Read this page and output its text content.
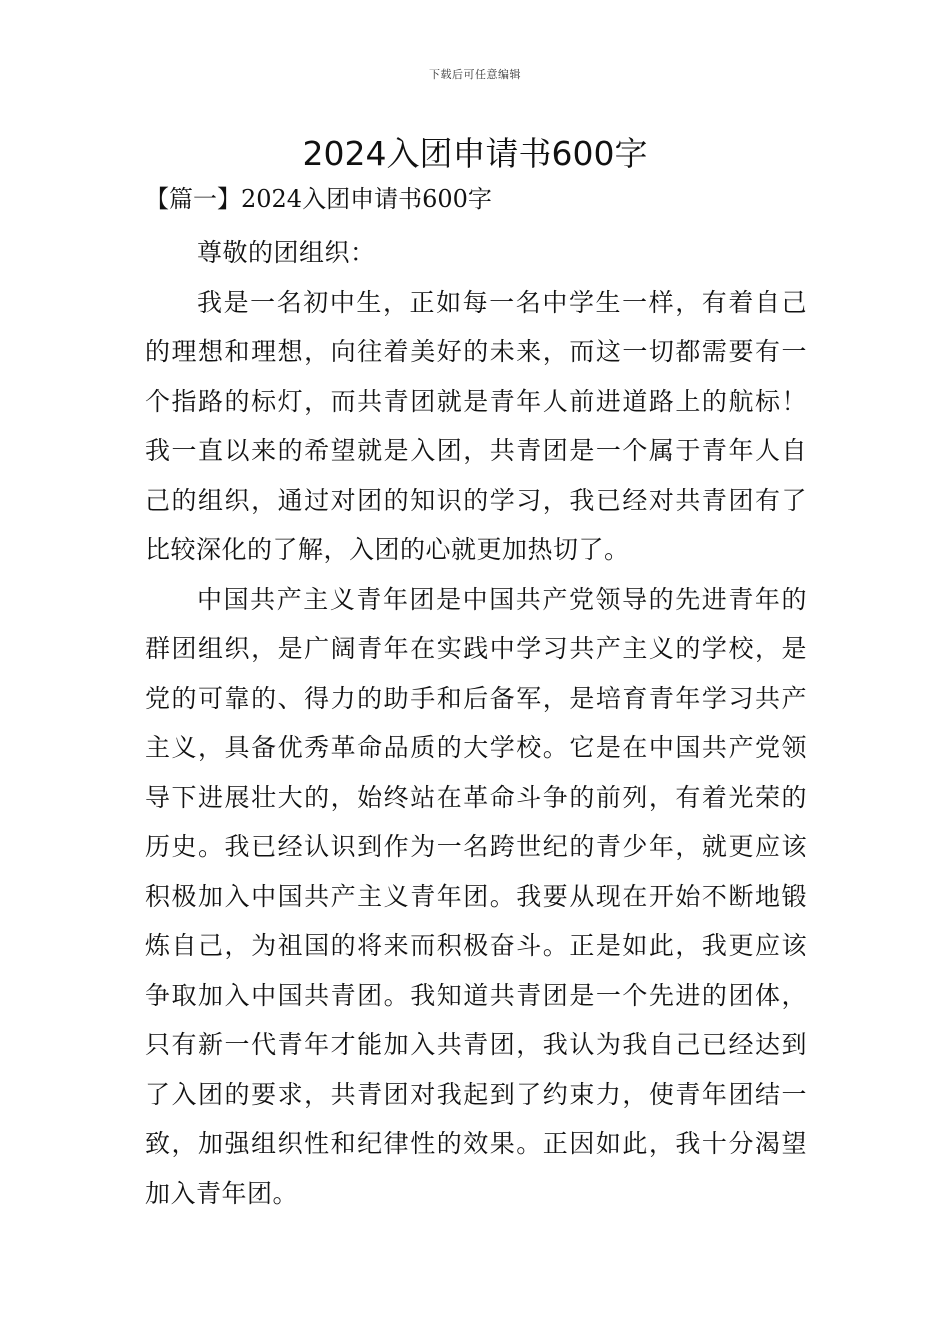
下载后可任意编辑
2024入团申请书600字
【篇一】2024入团申请书600字

尊敬的团组织：

我是一名初中生，正如每一名中学生一样，有着自己的理想和理想，向往着美好的未来，而这一切都需要有一个指路的标灯，而共青团就是青年人前进道路上的航标！我一直以来的希望就是入团，共青团是一个属于青年人自己的组织，通过对团的知识的学习，我已经对共青团有了比较深化的了解，入团的心就更加热切了。

中国共产主义青年团是中国共产党领导的先进青年的群团组织，是广阔青年在实践中学习共产主义的学校，是党的可靠的、得力的助手和后备军，是培育青年学习共产主义，具备优秀革命品质的大学校。它是在中国共产党领导下进展壮大的，始终站在革命斗争的前列，有着光荣的历史。我已经认识到作为一名跨世纪的青少年，就更应该积极加入中国共产主义青年团。我要从现在开始不断地锻炼自己，为祖国的将来而积极奋斗。正是如此，我更应该争取加入中国共青团。我知道共青团是一个先进的团体，只有新一代青年才能加入共青团，我认为我自己已经达到了入团的要求，共青团对我起到了约束力，使青年团结一致，加强组织性和纪律性的效果。正因如此，我十分渴望加入青年团。
